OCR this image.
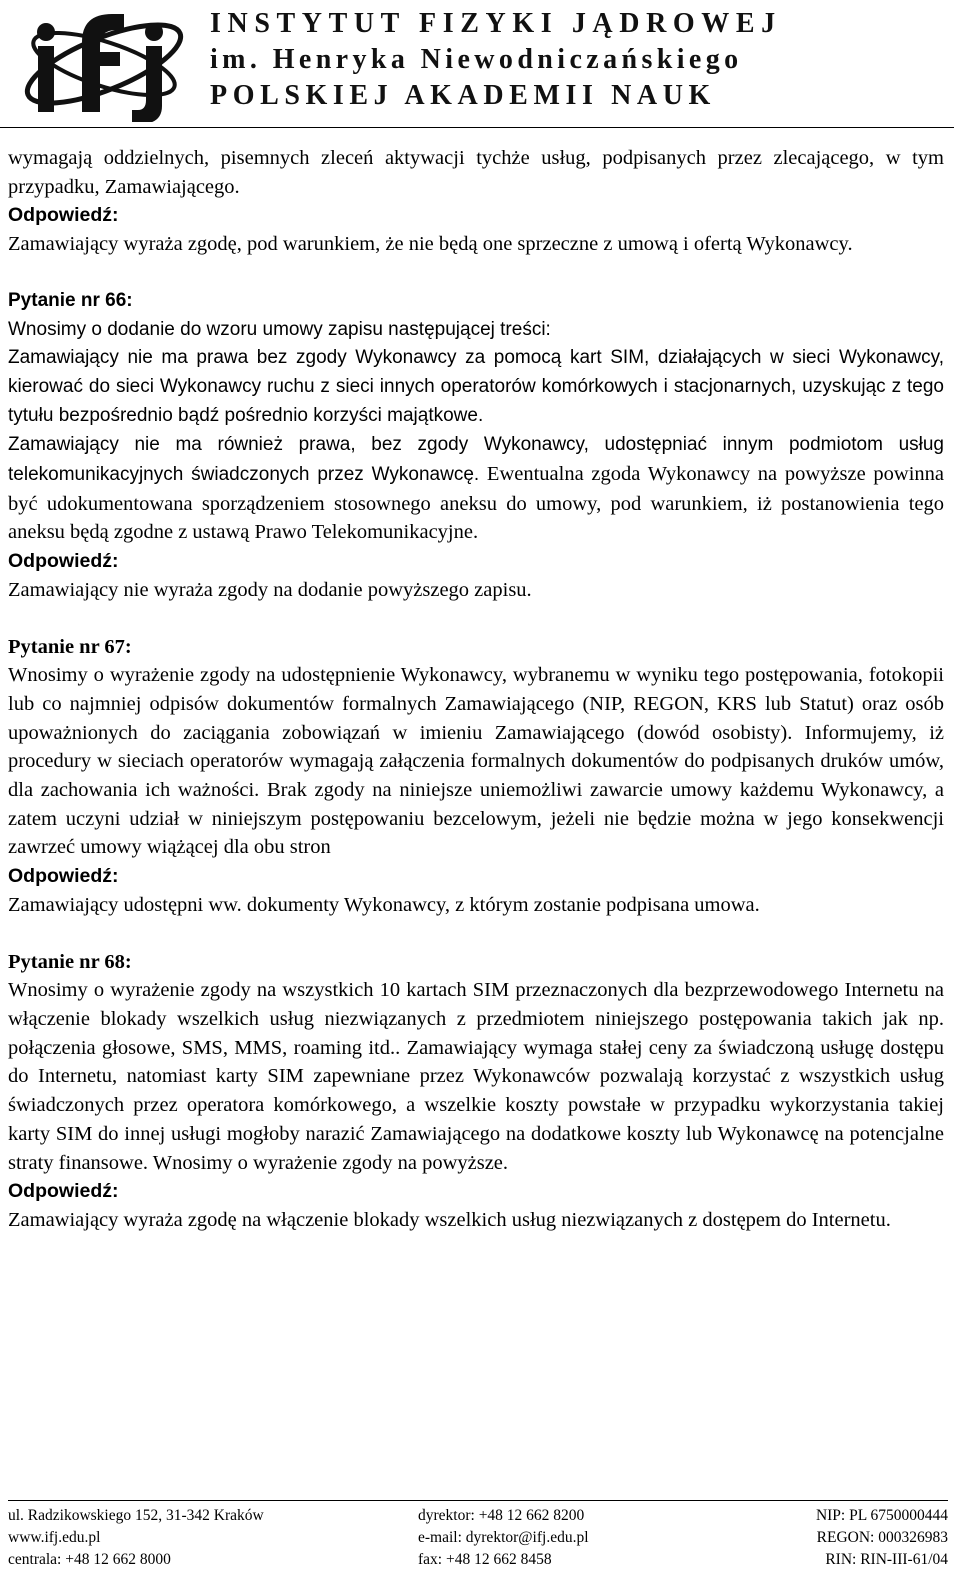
INSTYTUT FIZYKI JĄDROWEJ
im. Henryka Niewodniczańskiego
POLSKIEJ AKADEMII NAUK

wymagają oddzielnych, pisemnych zleceń aktywacji tychże usług, podpisanych przez zlecającego, w tym przypadku, Zamawiającego.

Odpowiedź:

Zamawiający wyraża zgodę, pod warunkiem, że nie będą one sprzeczne z umową i ofertą Wykonawcy.

Pytanie nr 66:

Wnosimy o dodanie do wzoru umowy zapisu następującej treści:

Zamawiający nie ma prawa bez zgody Wykonawcy za pomocą kart SIM, działających w sieci Wykonawcy, kierować do sieci Wykonawcy ruchu z sieci innych operatorów komórkowych i stacjonarnych, uzyskując z tego tytułu bezpośrednio bądź pośrednio korzyści majątkowe.

Zamawiający nie ma również prawa, bez zgody Wykonawcy, udostępniać innym podmiotom usług telekomunikacyjnych świadczonych przez Wykonawcę. Ewentualna zgoda Wykonawcy na powyższe powinna być udokumentowana sporządzeniem stosownego aneksu do umowy, pod warunkiem, iż postanowienia tego aneksu będą zgodne z ustawą Prawo Telekomunikacyjne.

Odpowiedź:

Zamawiający nie wyraża zgody na dodanie powyższego zapisu.

Pytanie nr 67:

Wnosimy o wyrażenie zgody na udostępnienie Wykonawcy, wybranemu w wyniku tego postępowania, fotokopii lub co najmniej odpisów dokumentów formalnych Zamawiającego (NIP, REGON, KRS lub Statut) oraz osób upoważnionych do zaciągania zobowiązań w imieniu Zamawiającego (dowód osobisty). Informujemy, iż procedury w sieciach operatorów wymagają załączenia formalnych dokumentów do podpisanych druków umów, dla zachowania ich ważności. Brak zgody na niniejsze uniemożliwi zawarcie umowy każdemu Wykonawcy, a zatem uczyni udział w niniejszym postępowaniu bezcelowym, jeżeli nie będzie można w jego konsekwencji zawrzeć umowy wiążącej dla obu stron

Odpowiedź:

Zamawiający udostępni ww. dokumenty Wykonawcy, z którym zostanie podpisana umowa.

Pytanie nr 68:

Wnosimy o wyrażenie zgody na wszystkich 10 kartach SIM przeznaczonych dla bezprzewodowego Internetu na włączenie blokady wszelkich usług niezwiązanych z przedmiotem niniejszego postępowania takich jak np. połączenia głosowe, SMS, MMS, roaming itd.. Zamawiający wymaga stałej ceny za świadczoną usługę dostępu do Internetu, natomiast karty SIM zapewniane przez Wykonawców pozwalają korzystać z wszystkich usług świadczonych przez operatora komórkowego, a wszelkie koszty powstałe w przypadku wykorzystania takiej karty SIM do innej usługi mogłoby narazić Zamawiającego na dodatkowe koszty lub Wykonawcę na potencjalne straty finansowe. Wnosimy o wyrażenie zgody na powyższe.

Odpowiedź:

Zamawiający wyraża zgodę na włączenie blokady wszelkich usług niezwiązanych z dostępem do Internetu.

ul. Radzikowskiego 152, 31-342 Kraków
www.ifj.edu.pl
centrala: +48 12 662 8000
dyrektor: +48 12 662 8200
e-mail: dyrektor@ifj.edu.pl
fax: +48 12 662 8458
NIP: PL 6750000444
REGON: 000326983
RIN: RIN-III-61/04
